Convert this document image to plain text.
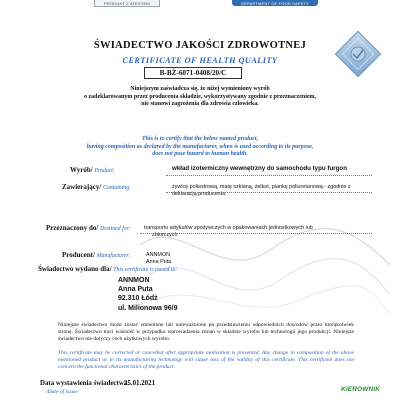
PRODUKT Z ATESTEM	DEPARTMENT OF FOOD SAFETY
ŚWIADECTWO JAKOŚCI ZDROWOTNEJ
CERTIFICATE OF HEALTH QUALITY
B-BŻ-6071-0408/20/C
Niniejszym zaświadcza się, że niżej wymieniony wyrób
o zadeklarowanym przez producenta składzie, wykorzystywany zgodnie z przeznaczeniem,
nie stanowi zagrożenia dla zdrowia człowieka.
This is to certify that the below named product,
having composition as declared by the manufacturer, when is used according to its purpose,
does not pose hazard to human health.
Wyrób/ Product:	wkład izotermiczny wewnętrzny do samochodu typu furgon
Zawierający/ Containing:	żywicę poliestrową, matę szklaną, żelkot, piankę poliuretanową - zgodnie z
deklaracją producenta
Przeznaczony do/ Destined for: transportu artykułów spożywczych w opakowaniach jednostkowych lub
zbiorczych
Producent/ Manufacturer:	ANNMON
Anna Puta
Świadectwo wydano dla/ This certificate is issued to:
ANNMON
Anna Puta
92.310 Łódź
ul. Milionowa 96/9
Niniejsze świadectwo może zostać zmienione lub unieważnione po przedstawieniu odpowiednich dowodów przez którąkolwiek stronę. Świadectwo traci ważność w przypadku wprowadzenia zmian w składzie wyrobu lub technologii jego produkcji. Niniejsze świadectwo nie dotyczy cech użytkowych wyrobu.
This certificate may be corrected or cancelled after appropriate motivation is presented. Any change in composition of the above mentioned product or in its manufacturing technology will cause loss of the validity of this certificate. This certificate does not concern the functional characteristics of the product.
Data wystawienia świadectwa:
25.01.2021
/Date of issue/	KIEROWNIK
